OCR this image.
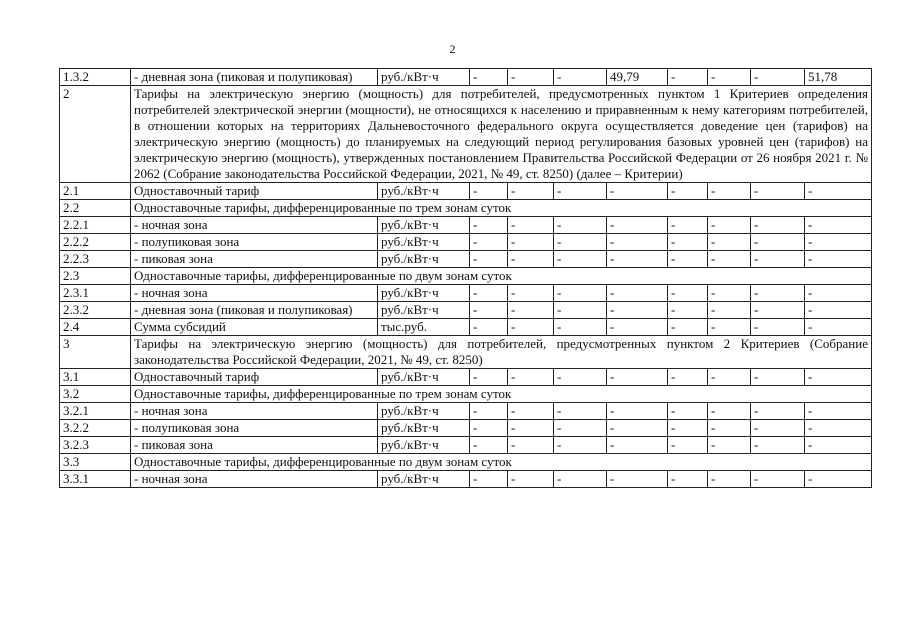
2
1.3.2	- дневная зона (пиковая и полупиковая)	руб./кВт·ч	-	-	-	49,79	-	-	-	51,78
2	Тарифы на электрическую энергию (мощность) для потребителей, предусмотренных пунктом 1 Критериев определения потребителей электрической энергии (мощности), не относящихся к населению и приравненным к нему категориям потребителей, в отношении которых на территориях Дальневосточного федерального округа осуществляется доведение цен (тарифов) на электрическую энергию (мощность) до планируемых на следующий период регулирования базовых уровней цен (тарифов) на электрическую энергию (мощность), утвержденных постановлением Правительства Российской Федерации от 26 ноября 2021 г. № 2062 (Собрание законодательства Российской Федерации, 2021, № 49, ст. 8250) (далее – Критерии)									
2.1	Одноставочный тариф	руб./кВт·ч	-	-	-	-	-	-	-	-
2.2	Одноставочные тарифы, дифференцированные по трем зонам суток									
2.2.1	- ночная зона	руб./кВт·ч	-	-	-	-	-	-	-	-
2.2.2	- полупиковая зона	руб./кВт·ч	-	-	-	-	-	-	-	-
2.2.3	- пиковая зона	руб./кВт·ч	-	-	-	-	-	-	-	-
2.3	Одноставочные тарифы, дифференцированные по двум зонам суток									
2.3.1	- ночная зона	руб./кВт·ч	-	-	-	-	-	-	-	-
2.3.2	- дневная зона (пиковая и полупиковая)	руб./кВт·ч	-	-	-	-	-	-	-	-
2.4	Сумма субсидий	тыс.руб.	-	-	-	-	-	-	-	-
3	Тарифы на электрическую энергию (мощность) для потребителей, предусмотренных пунктом 2 Критериев (Собрание законодательства Российской Федерации, 2021, № 49, ст. 8250)									
3.1	Одноставочный тариф	руб./кВт·ч	-	-	-	-	-	-	-	-
3.2	Одноставочные тарифы, дифференцированные по трем зонам суток									
3.2.1	- ночная зона	руб./кВт·ч	-	-	-	-	-	-	-	-
3.2.2	- полупиковая зона	руб./кВт·ч	-	-	-	-	-	-	-	-
3.2.3	- пиковая зона	руб./кВт·ч	-	-	-	-	-	-	-	-
3.3	Одноставочные тарифы, дифференцированные по двум зонам суток									
3.3.1	- ночная зона	руб./кВт·ч	-	-	-	-	-	-	-	-
